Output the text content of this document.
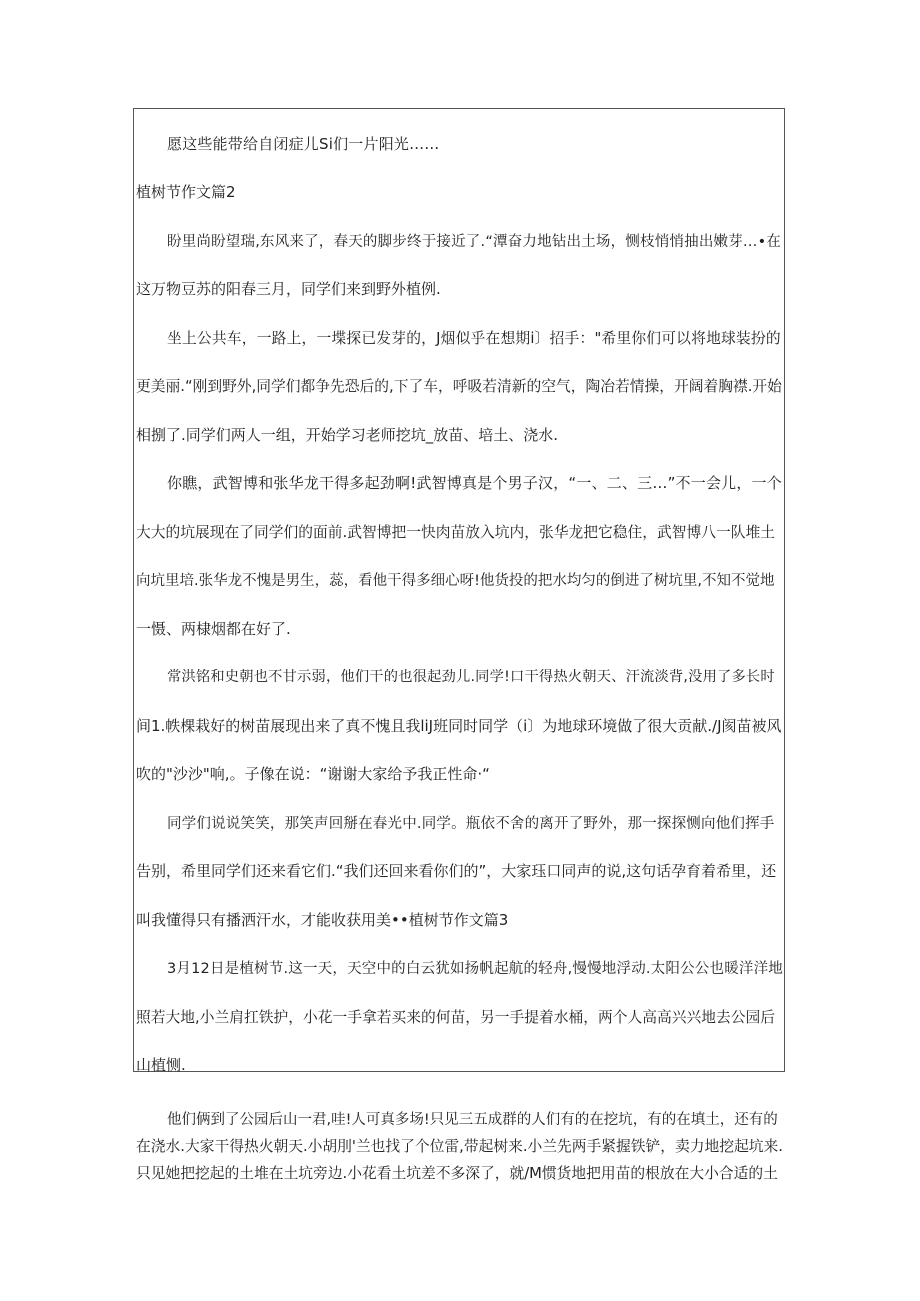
愿这些能带给自闭症儿Si们一片阳光……

植树节作文篇2

盼里尚盼望瑞,东风来了，春天的脚步终于接近了.“潭奋力地钻出土场，恻枝悄悄抽出嫩芽…•在

这万物豆苏的阳春三月，同学们来到野外植例.

坐上公共车，一路上，一堞探已发芽的，J烟似乎在想期i〕招手："希里你们可以将地球装扮的

更美丽.“刚到野外,同学们都争先恐后的,下了车，呼吸若清新的空气，陶冶若情操，开阔着胸襟.开始

相捌了.同学们两人一组，开始学习老师挖坑_放苗、培土、浇水.

你瞧，武智博和张华龙干得多起劲啊!武智博真是个男子汉，“一、二、三…”不一会儿，一个

大大的坑展现在了同学们的面前.武智博把一快肉苗放入坑内，张华龙把它稳住，武智博八一队堆土

向坑里培.张华龙不愧是男生，蕊，看他干得多细心呀!他货投的把水均匀的倒进了树坑里,不知不觉地

一慑、两棣烟都在好了.

常洪铭和史朝也不甘示弱，他们干的也很起劲儿.同学!口干得热火朝天、汗流淡背,没用了多长时

间1.帙棵栽好的树苗展现出来了真不愧且我liJ班同时同学（i〕为地球环境做了很大贡献./J阂苗被风

吹的"沙沙"响,。子像在说：“谢谢大家给予我正性命·“

同学们说说笑笑，那笑声回掰在春光中.同学。瓶依不舍的离开了野外，那一探探恻向他们挥手

告别，希里同学们还来看它们.“我们还回来看你们的”，大家珏口同声的说,这句话孕育着希里，还

叫我懂得只有播洒汗水，才能收获用美••植树节作文篇3

3月12日是植树节.这一天，天空中的白云犹如扬帆起航的轻舟,慢慢地浮动.太阳公公也暖洋洋地

照若大地,小兰肩扛铁护，小花一手拿若买来的何苗，另一手提着水桶，两个人高高兴兴地去公园后

山植恻.

他们俩到了公园后山一君,哇!人可真多场!只见三五成群的人们有的在挖坑，有的在填土，还有的

在浇水.大家干得热火朝天.小胡刖'兰也找了个位雷,带起树来.小兰先两手紧握铁铲，卖力地挖起坑来.

只见她把挖起的土堆在土坑旁边.小花看土坑差不多深了，就/M惯货地把用苗的根放在大小合适的土
